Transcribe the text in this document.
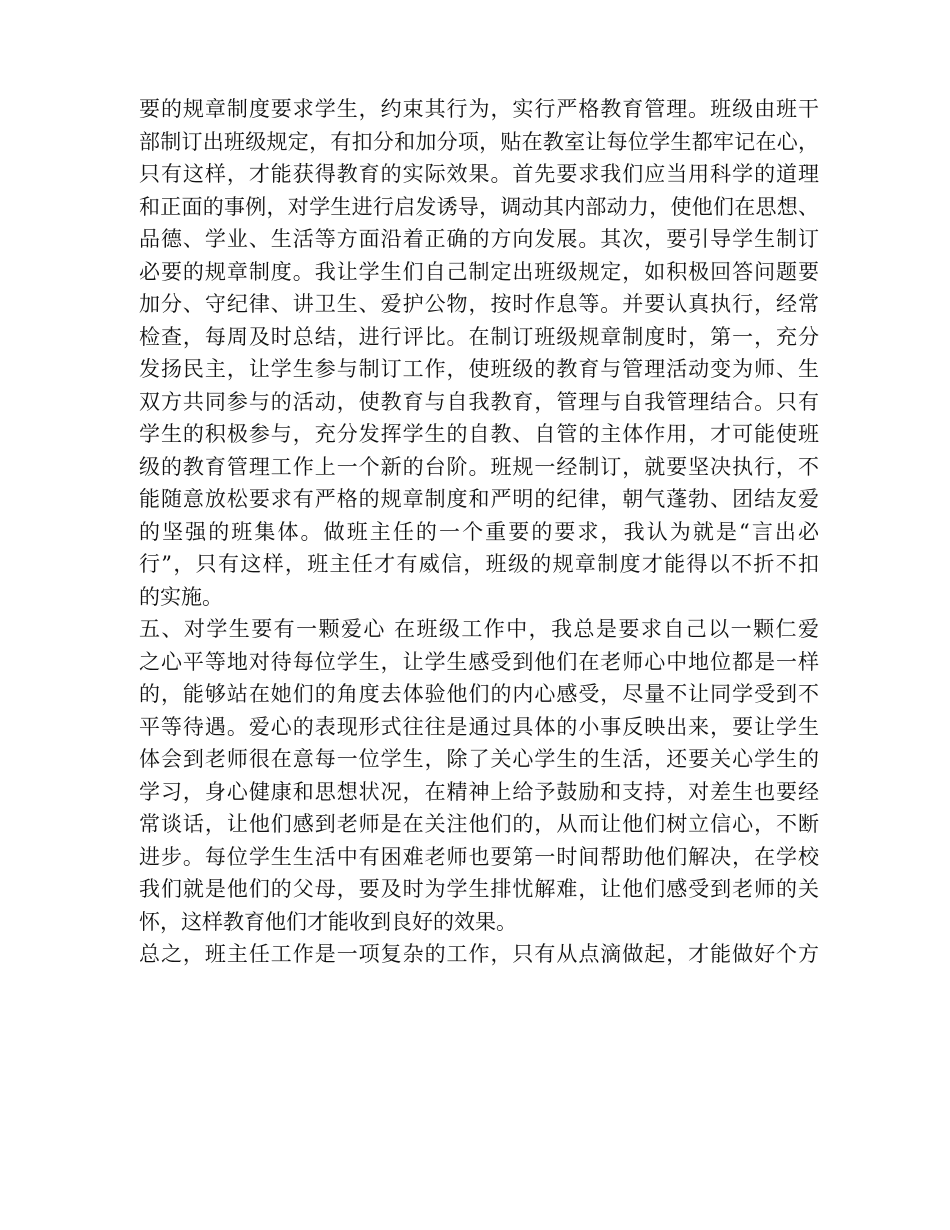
要的规章制度要求学生，约束其行为，实行严格教育管理。班级由班干
部制订出班级规定，有扣分和加分项，贴在教室让每位学生都牢记在心，
只有这样，才能获得教育的实际效果。首先要求我们应当用科学的道理
和正面的事例，对学生进行启发诱导，调动其内部动力，使他们在思想、
品德、学业、生活等方面沿着正确的方向发展。其次，要引导学生制订
必要的规章制度。我让学生们自己制定出班级规定，如积极回答问题要
加分、守纪律、讲卫生、爱护公物，按时作息等。并要认真执行，经常
检查，每周及时总结，进行评比。在制订班级规章制度时，第一，充分
发扬民主，让学生参与制订工作，使班级的教育与管理活动变为师、生
双方共同参与的活动，使教育与自我教育，管理与自我管理结合。只有
学生的积极参与，充分发挥学生的自教、自管的主体作用，才可能使班
级的教育管理工作上一个新的台阶。班规一经制订，就要坚决执行，不
能随意放松要求有严格的规章制度和严明的纪律，朝气蓬勃、团结友爱
的坚强的班集体。做班主任的一个重要的要求，我认为就是“言出必
行”，只有这样，班主任才有威信，班级的规章制度才能得以不折不扣
的实施。
五、对学生要有一颗爱心 在班级工作中，我总是要求自己以一颗仁爱
之心平等地对待每位学生，让学生感受到他们在老师心中地位都是一样
的，能够站在她们的角度去体验他们的内心感受，尽量不让同学受到不
平等待遇。爱心的表现形式往往是通过具体的小事反映出来，要让学生
体会到老师很在意每一位学生，除了关心学生的生活，还要关心学生的
学习，身心健康和思想状况，在精神上给予鼓励和支持，对差生也要经
常谈话，让他们感到老师是在关注他们的，从而让他们树立信心，不断
进步。每位学生生活中有困难老师也要第一时间帮助他们解决，在学校
我们就是他们的父母，要及时为学生排忧解难，让他们感受到老师的关
怀，这样教育他们才能收到良好的效果。
总之，班主任工作是一项复杂的工作，只有从点滴做起，才能做好个方
